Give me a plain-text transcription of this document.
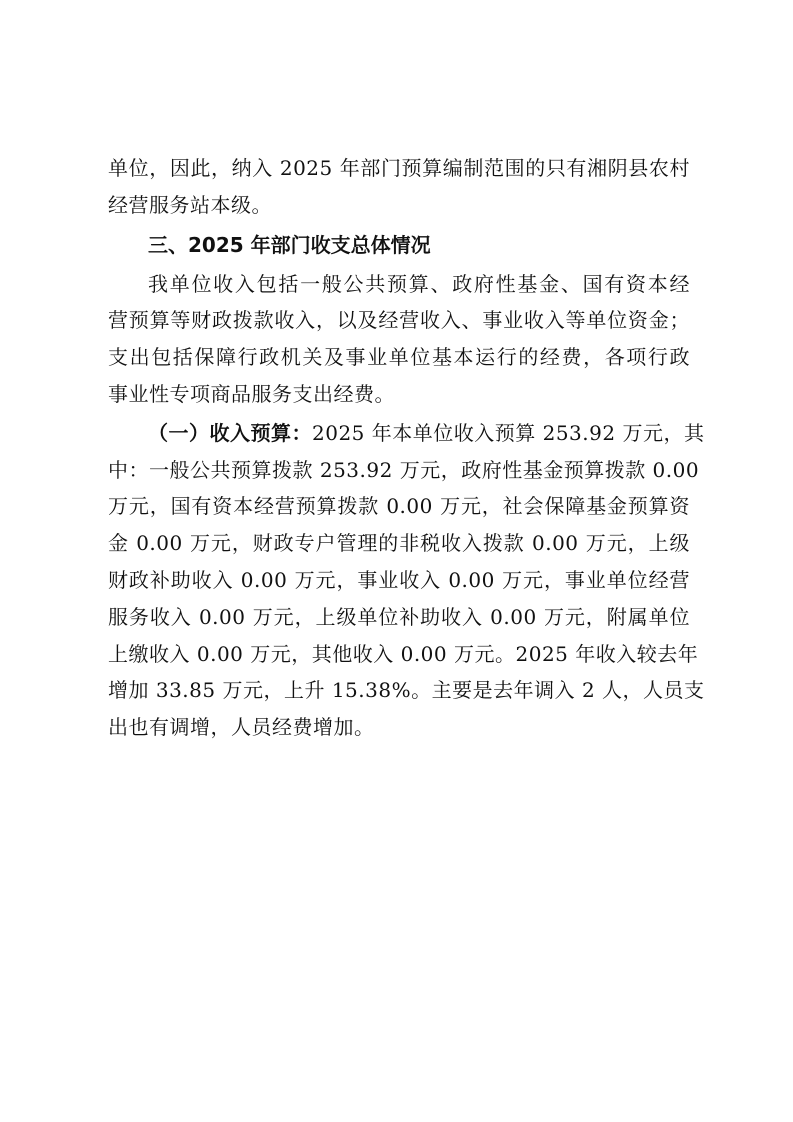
单位，因此，纳入 2025 年部门预算编制范围的只有湘阴县农村
经营服务站本级。
三、2025 年部门收支总体情况
我单位收入包括一般公共预算、政府性基金、国有资本经
营预算等财政拨款收入，以及经营收入、事业收入等单位资金；
支出包括保障行政机关及事业单位基本运行的经费，各项行政
事业性专项商品服务支出经费。
（一）收入预算：2025 年本单位收入预算 253.92 万元，其
中：一般公共预算拨款 253.92 万元，政府性基金预算拨款 0.00
万元，国有资本经营预算拨款 0.00 万元，社会保障基金预算资
金 0.00 万元，财政专户管理的非税收入拨款 0.00 万元，上级
财政补助收入 0.00 万元，事业收入 0.00 万元，事业单位经营
服务收入 0.00 万元，上级单位补助收入 0.00 万元，附属单位
上缴收入 0.00 万元，其他收入 0.00 万元。2025 年收入较去年
增加 33.85 万元，上升 15.38%。主要是去年调入 2 人，人员支
出也有调增，人员经费增加。
